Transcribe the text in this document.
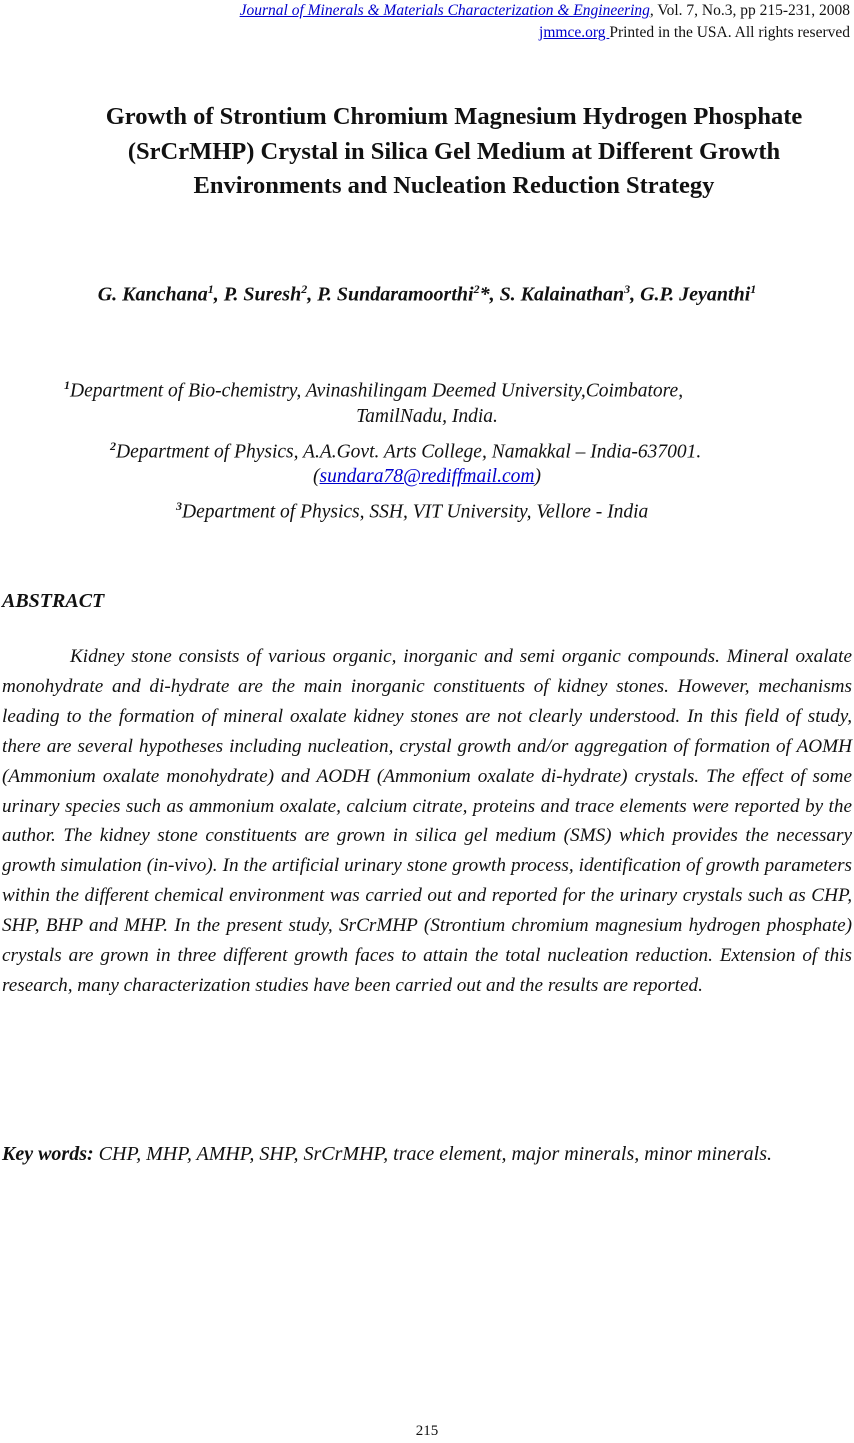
Journal of Minerals & Materials Characterization & Engineering, Vol. 7, No.3, pp 215-231, 2008
jmmce.org Printed in the USA. All rights reserved
Growth of Strontium Chromium Magnesium Hydrogen Phosphate
(SrCrMHP) Crystal in Silica Gel Medium at Different Growth
Environments and Nucleation Reduction Strategy
G. Kanchana$^1$, P. Suresh$^2$, P. Sundaramoorthi$^2$*, S. Kalainathan$^3$, G.P. Jeyanthi$^1$
$^1$Department of Bio-chemistry, Avinashilingam Deemed University,Coimbatore,
TamilNadu, India.
$^2$Department of Physics, A.A.Govt. Arts College, Namakkal – India-637001.
(sundara78@rediffmail.com)
$^3$Department of Physics, SSH, VIT University, Vellore - India
ABSTRACT

Kidney stone consists of various organic, inorganic and semi organic compounds. Mineral oxalate monohydrate and di-hydrate are the main inorganic constituents of kidney stones. However, mechanisms leading to the formation of mineral oxalate kidney stones are not clearly understood. In this field of study, there are several hypotheses including nucleation, crystal growth and/or aggregation of formation of AOMH (Ammonium oxalate monohydrate) and AODH (Ammonium oxalate di-hydrate) crystals. The effect of some urinary species such as ammonium oxalate, calcium citrate, proteins and trace elements were reported by the author. The kidney stone constituents are grown in silica gel medium (SMS) which provides the necessary growth simulation (in-vivo). In the artificial urinary stone growth process, identification of growth parameters within the different chemical environment was carried out and reported for the urinary crystals such as CHP, SHP, BHP and MHP. In the present study, SrCrMHP (Strontium chromium magnesium hydrogen phosphate) crystals are grown in three different growth faces to attain the total nucleation reduction. Extension of this research, many characterization studies have been carried out and the results are reported.

Key words: CHP, MHP, AMHP, SHP, SrCrMHP, trace element, major minerals, minor minerals.

215
